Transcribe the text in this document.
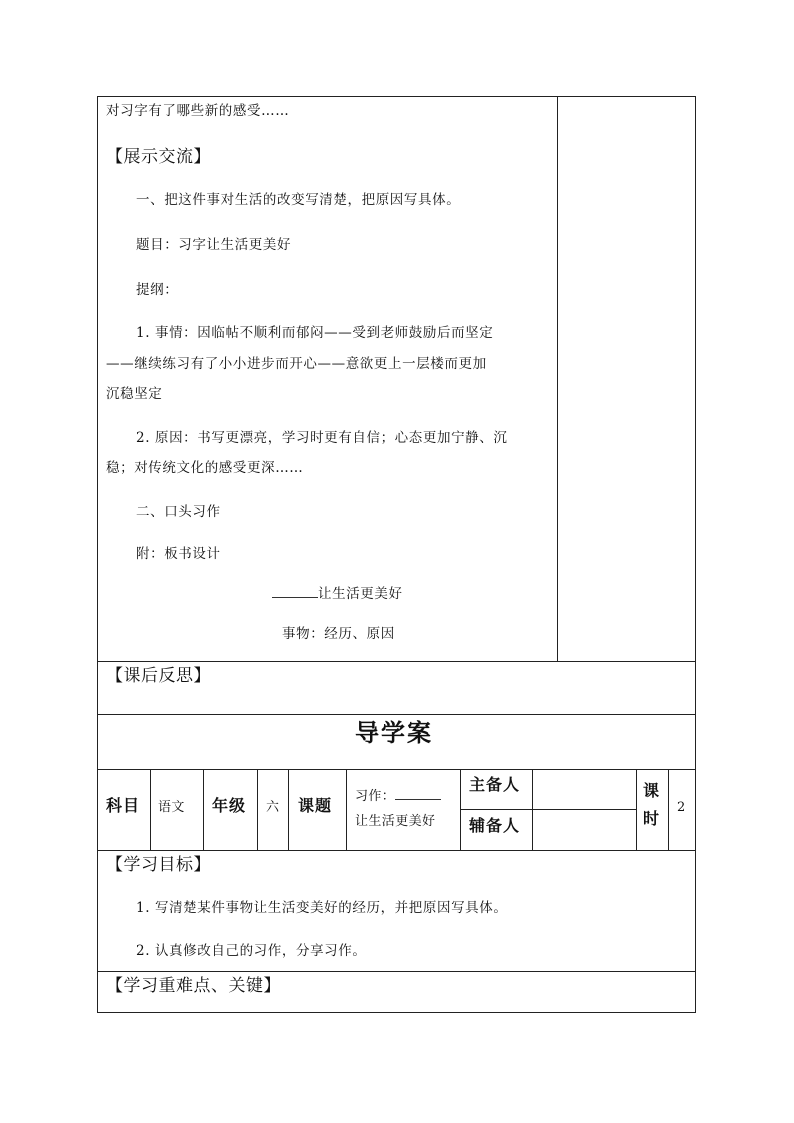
对习字有了哪些新的感受……
【展示交流】
一、把这件事对生活的改变写清楚，把原因写具体。
题目：习字让生活更美好
提纲：
1. 事情：因临帖不顺利而郁闷——受到老师鼓励后而坚定
——继续练习有了小小进步而开心——意欲更上一层楼而更加
沉稳坚定
2. 原因：书写更漂亮，学习时更有自信；心态更加宁静、沉
稳；对传统文化的感受更深……
二、口头习作
附：板书设计
让生活更美好
事物：经历、原因
【课后反思】
导学案
科目 语文 年级 六 课题 习作：
让生活更美好
主备人
辅备人
课
时
2
【学习目标】
1. 写清楚某件事物让生活变美好的经历，并把原因写具体。
2. 认真修改自己的习作，分享习作。
【学习重难点、关键】
